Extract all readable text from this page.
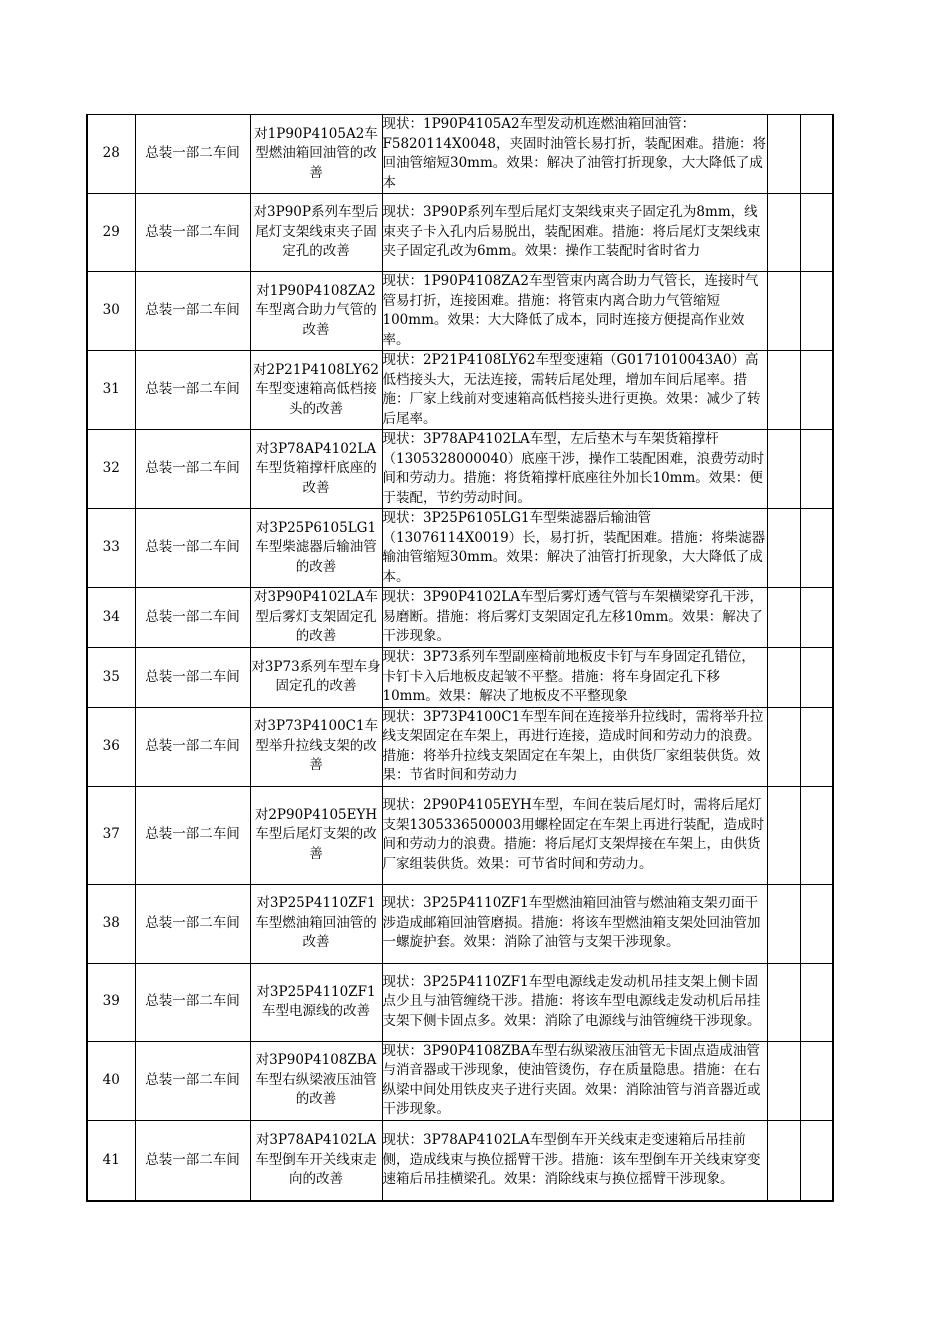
28	总装一部二车间	对1P90P4105A2车型燃油箱回油管的改善	现状：1P90P4105A2车型发动机连燃油箱回油管：F5820114X0048，夹固时油管长易打折，装配困难。措施：将回油管缩短30mm。效果：解决了油管打折现象，大大降低了成本		

29	总装一部二车间	对3P90P系列车型后尾灯支架线束夹子固定孔的改善	现状：3P90P系列车型后尾灯支架线束夹子固定孔为8mm，线束夹子卡入孔内后易脱出，装配困难。措施：将后尾灯支架线束夹子固定孔改为6mm。效果：操作工装配时省时省力		

30	总装一部二车间	对1P90P4108ZA2车型离合助力气管的改善	现状：1P90P4108ZA2车型管束内离合助力气管长，连接时气管易打折，连接困难。措施：将管束内离合助力气管缩短100mm。效果：大大降低了成本，同时连接方便提高作业效率。		

31	总装一部二车间	对2P21P4108LY62车型变速箱高低档接头的改善	现状：2P21P4108LY62车型变速箱（G0171010043A0）高低档接头大，无法连接，需转后尾处理，增加车间后尾率。措施：厂家上线前对变速箱高低档接头进行更换。效果：减少了转后尾率。		

32	总装一部二车间	对3P78AP4102LA车型货箱撑杆底座的改善	现状：3P78AP4102LA车型，左后垫木与车架货箱撑杆（1305328000040）底座干涉，操作工装配困难，浪费劳动时间和劳动力。措施：将货箱撑杆底座往外加长10mm。效果：便于装配，节约劳动时间。		

33	总装一部二车间	对3P25P6105LG1车型柴滤器后输油管的改善	现状：3P25P6105LG1车型柴滤器后输油管（13076114X0019）长，易打折，装配困难。措施：将柴滤器输油管缩短30mm。效果：解决了油管打折现象，大大降低了成本。		

34	总装一部二车间	对3P90P4102LA车型后雾灯支架固定孔的改善	现状：3P90P4102LA车型后雾灯透气管与车架横梁穿孔干涉，易磨断。措施：将后雾灯支架固定孔左移10mm。效果：解决了干涉现象。		

35	总装一部二车间	对3P73系列车型车身固定孔的改善	现状：3P73系列车型副座椅前地板皮卡钉与车身固定孔错位，卡钉卡入后地板皮起皱不平整。措施：将车身固定孔下移10mm。效果：解决了地板皮不平整现象		

36	总装一部二车间	对3P73P4100C1车型举升拉线支架的改善	现状：3P73P4100C1车型车间在连接举升拉线时，需将举升拉线支架固定在车架上，再进行连接，造成时间和劳动力的浪费。措施：将举升拉线支架固定在车架上，由供货厂家组装供货。效果：节省时间和劳动力		

37	总装一部二车间	对2P90P4105EYH车型后尾灯支架的改善	现状：2P90P4105EYH车型，车间在装后尾灯时，需将后尾灯支架1305336500003用螺栓固定在车架上再进行装配，造成时间和劳动力的浪费。措施：将后尾灯支架焊接在车架上，由供货厂家组装供货。效果：可节省时间和劳动力。		

38	总装一部二车间	对3P25P4110ZF1车型燃油箱回油管的改善	现状：3P25P4110ZF1车型燃油箱回油管与燃油箱支架刃面干涉造成邮箱回油管磨损。措施：将该车型燃油箱支架处回油管加一螺旋护套。效果：消除了油管与支架干涉现象。		

39	总装一部二车间	对3P25P4110ZF1车型电源线的改善	现状：3P25P4110ZF1车型电源线走发动机吊挂支架上侧卡固点少且与油管缠绕干涉。措施：将该车型电源线走发动机后吊挂支架下侧卡固点多。效果：消除了电源线与油管缠绕干涉现象。		

40	总装一部二车间	对3P90P4108ZBA车型右纵梁液压油管的改善	现状：3P90P4108ZBA车型右纵梁液压油管无卡固点造成油管与消音器或干涉现象，使油管烫伤，存在质量隐患。措施：在右纵梁中间处用铁皮夹子进行夹固。效果：消除油管与消音器近或干涉现象。		

41	总装一部二车间	对3P78AP4102LA车型倒车开关线束走向的改善	现状：3P78AP4102LA车型倒车开关线束走变速箱后吊挂前侧，造成线束与换位摇臂干涉。措施：该车型倒车开关线束穿变速箱后吊挂横梁孔。效果：消除线束与换位摇臂干涉现象。		
